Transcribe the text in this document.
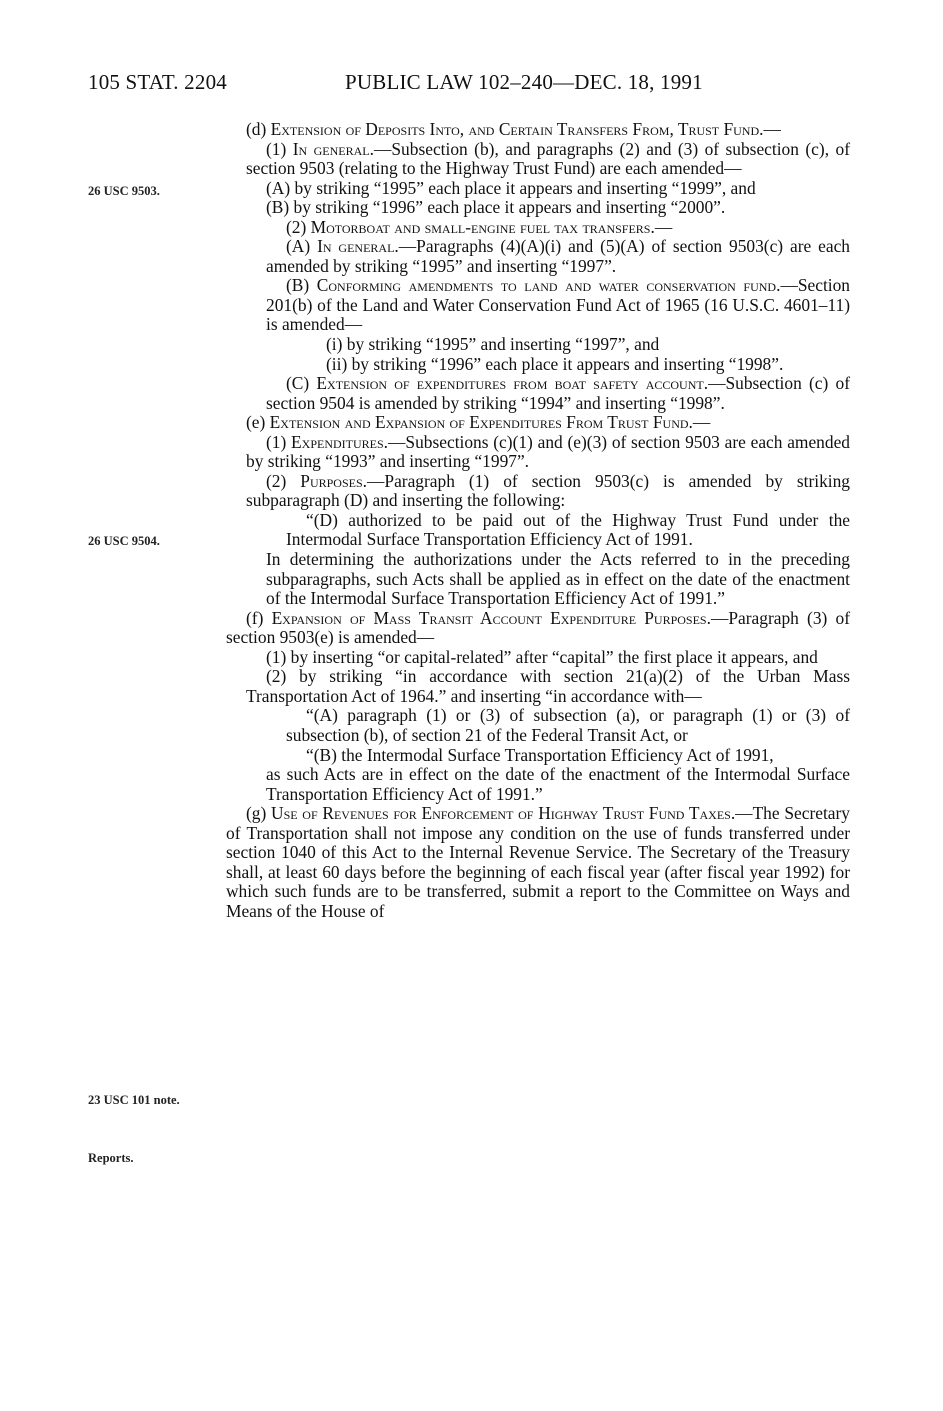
105 STAT. 2204	PUBLIC LAW 102–240—DEC. 18, 1991
26 USC 9503.
26 USC 9504.
23 USC 101 note.
Reports.

(d) Extension of Deposits Into, and Certain Transfers From, Trust Fund.—

(1) In general.—Subsection (b), and paragraphs (2) and (3) of subsection (c), of section 9503 (relating to the Highway Trust Fund) are each amended—

(A) by striking “1995” each place it appears and inserting “1999”, and

(B) by striking “1996” each place it appears and inserting “2000”.

(2) Motorboat and small-engine fuel tax transfers.—

(A) In general.—Paragraphs (4)(A)(i) and (5)(A) of section 9503(c) are each amended by striking “1995” and inserting “1997”.

(B) Conforming amendments to land and water conservation fund.—Section 201(b) of the Land and Water Conservation Fund Act of 1965 (16 U.S.C. 4601–11) is amended—

(i) by striking “1995” and inserting “1997”, and

(ii) by striking “1996” each place it appears and inserting “1998”.

(C) Extension of expenditures from boat safety account.—Subsection (c) of section 9504 is amended by striking “1994” and inserting “1998”.

(e) Extension and Expansion of Expenditures From Trust Fund.—

(1) Expenditures.—Subsections (c)(1) and (e)(3) of section 9503 are each amended by striking “1993” and inserting “1997”.

(2) Purposes.—Paragraph (1) of section 9503(c) is amended by striking subparagraph (D) and inserting the following:

“(D) authorized to be paid out of the Highway Trust Fund under the Intermodal Surface Transportation Efficiency Act of 1991.

In determining the authorizations under the Acts referred to in the preceding subparagraphs, such Acts shall be applied as in effect on the date of the enactment of the Intermodal Surface Transportation Efficiency Act of 1991.”

(f) Expansion of Mass Transit Account Expenditure Purposes.—Paragraph (3) of section 9503(e) is amended—

(1) by inserting “or capital-related” after “capital” the first place it appears, and

(2) by striking “in accordance with section 21(a)(2) of the Urban Mass Transportation Act of 1964.” and inserting “in accordance with—

“(A) paragraph (1) or (3) of subsection (a), or paragraph (1) or (3) of subsection (b), of section 21 of the Federal Transit Act, or

“(B) the Intermodal Surface Transportation Efficiency Act of 1991,

as such Acts are in effect on the date of the enactment of the Intermodal Surface Transportation Efficiency Act of 1991.”

(g) Use of Revenues for Enforcement of Highway Trust Fund Taxes.—The Secretary of Transportation shall not impose any condition on the use of funds transferred under section 1040 of this Act to the Internal Revenue Service. The Secretary of the Treasury shall, at least 60 days before the beginning of each fiscal year (after fiscal year 1992) for which such funds are to be transferred, submit a report to the Committee on Ways and Means of the House of
